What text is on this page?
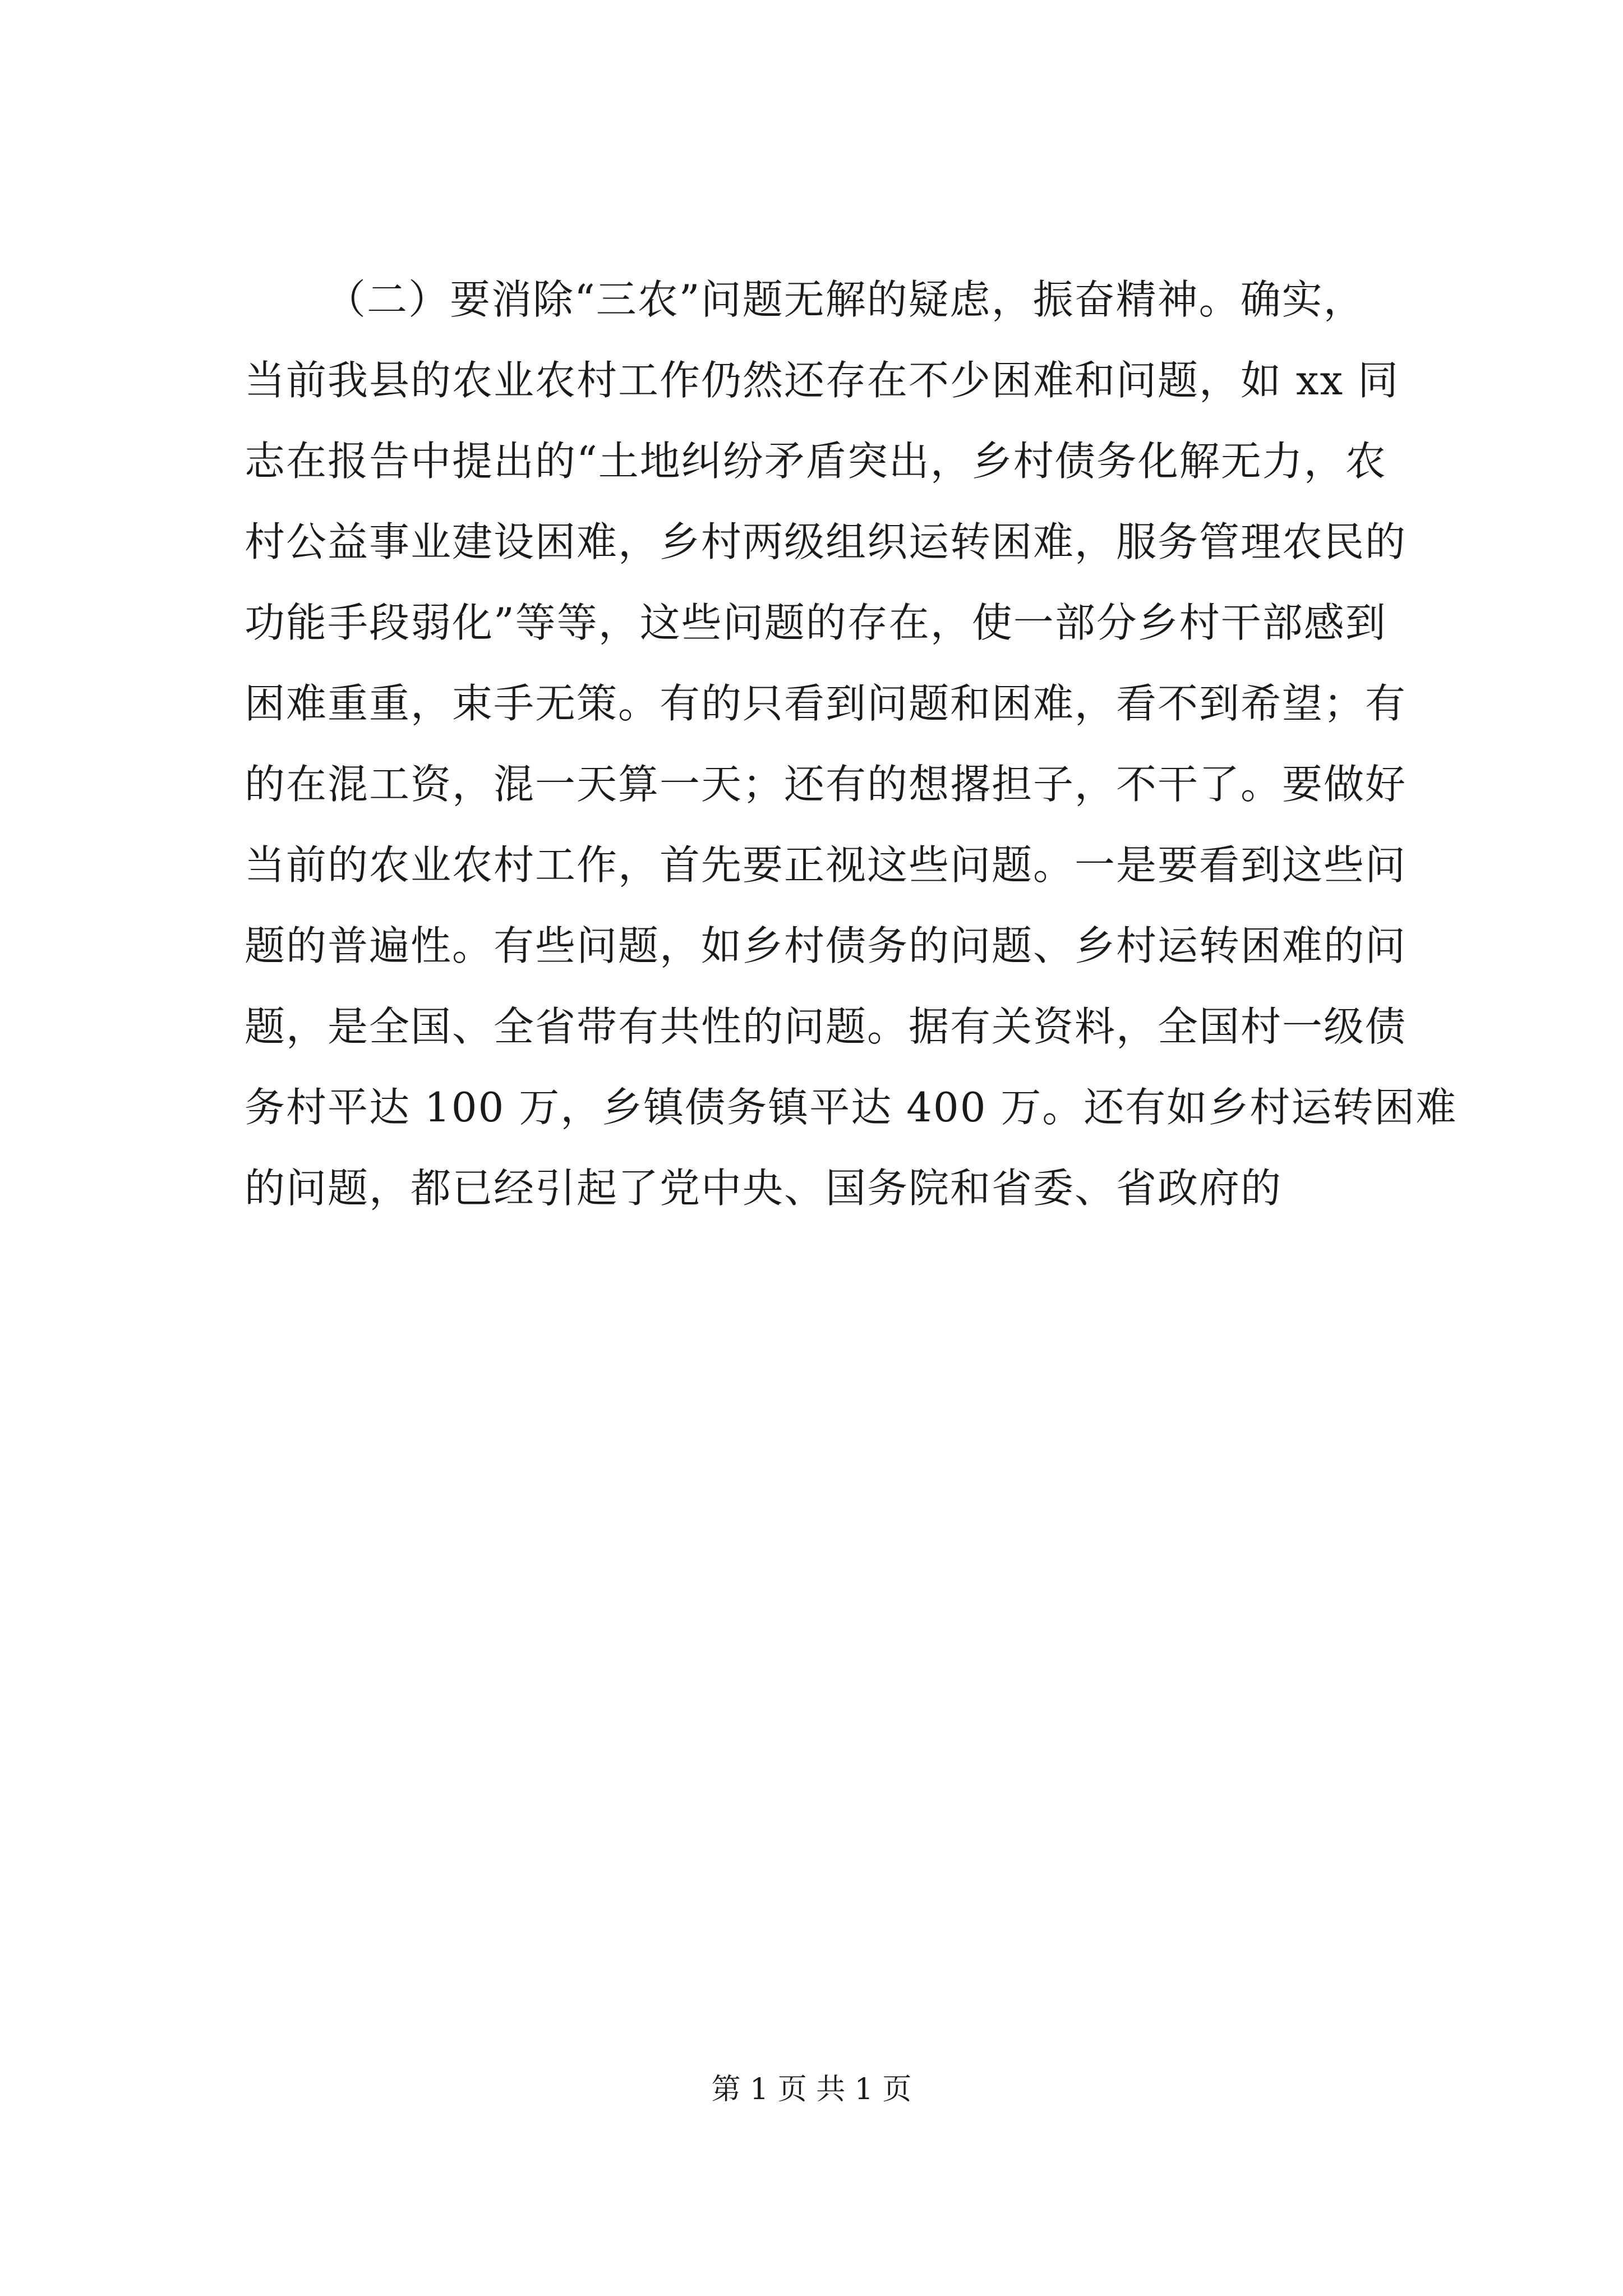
（二）要消除“三农”问题无解的疑虑，振奋精神。确实，
当前我县的农业农村工作仍然还存在不少困难和问题，如 xx 同
志在报告中提出的“土地纠纷矛盾突出，乡村债务化解无力，农
村公益事业建设困难，乡村两级组织运转困难，服务管理农民的
功能手段弱化”等等，这些问题的存在，使一部分乡村干部感到
困难重重，束手无策。有的只看到问题和困难，看不到希望；有
的在混工资，混一天算一天；还有的想撂担子，不干了。要做好
当前的农业农村工作，首先要正视这些问题。一是要看到这些问
题的普遍性。有些问题，如乡村债务的问题、乡村运转困难的问
题，是全国、全省带有共性的问题。据有关资料，全国村一级债
务村平达 100 万，乡镇债务镇平达 400 万。还有如乡村运转困难
的问题，都已经引起了党中央、国务院和省委、省政府的
第 1 页 共 1 页
